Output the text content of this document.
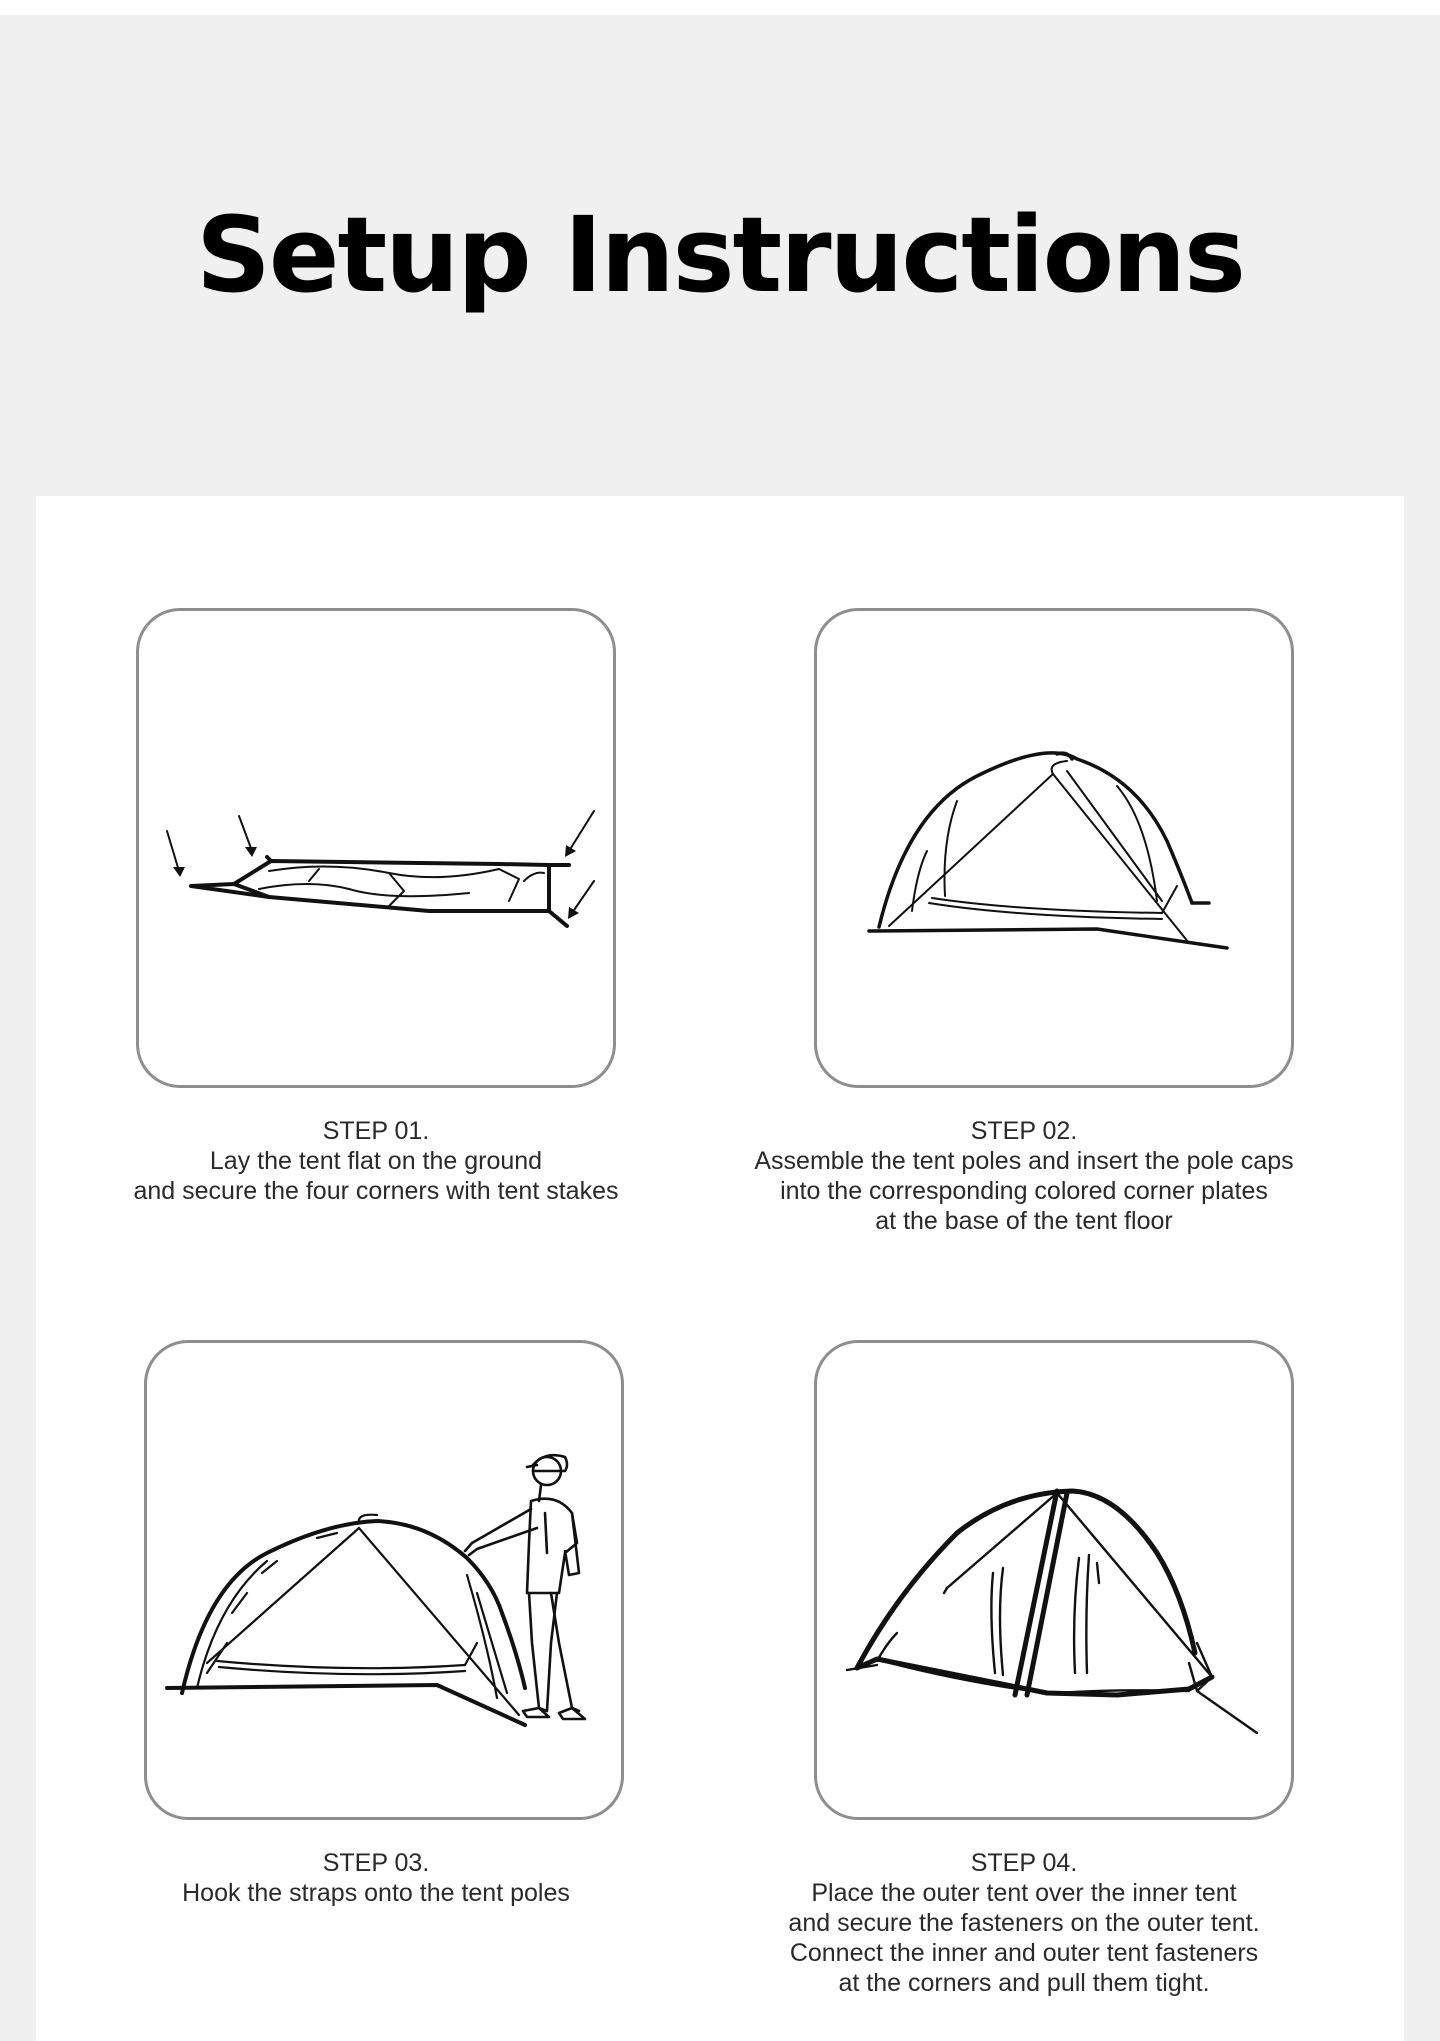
Setup Instructions
STEP 01.
Lay the tent flat on the ground
and secure the four corners with tent stakes
STEP 02.
Assemble the tent poles and insert the pole caps
into the corresponding colored corner plates
at the base of the tent floor
STEP 03.
Hook the straps onto the tent poles
STEP 04.
Place the outer tent over the inner tent
and secure the fasteners on the outer tent.
Connect the inner and outer tent fasteners
at the corners and pull them tight.
